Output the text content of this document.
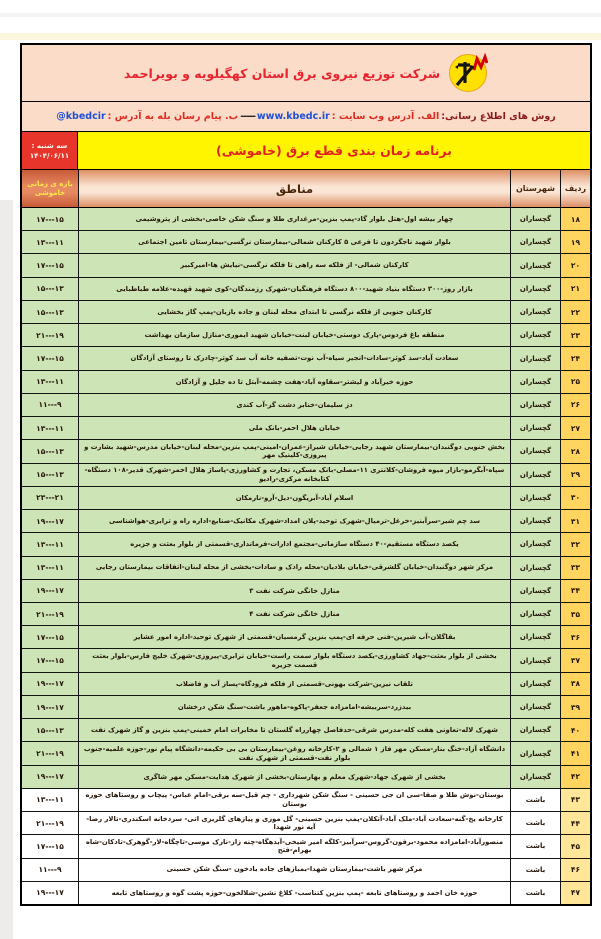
شرکت توزیع نیروی برق استان کهگیلویه و بویراحمد
روش های اطلاع رسانی:
الف. آدرس وب سایت :
www.kbedc.ir
-----
ب. پیام رسان بله به آدرس :
@kbedcir
برنامه زمان بندی قطع برق (خاموشی)
سه شنبه :
۱۴۰۴/۰۶/۱۱
ردیف
شهرستان
مناطق
بازه ی زمانی
خاموشی
۱۸
گچساران
چهار بیشه اول-هتل بلوار گاد-پمپ بنزین-مرغداری طلا و سنگ شکن خاصی-بخشی از پتروشیمی
۱۵---۱۷
۱۹
گچساران
بلوار شهید ناجگردون تا فرعی ۵ کارکنان شمالی-بیمارستان نرگسی-بیمارستان تامین اجتماعی
۱۱---۱۳
۲۰
گچساران
کارکنان شمالی- از فلکه سه راهی تا فلکه نرگسی-نیایش ها-امیرکبیر
۱۵---۱۷
۲۱
گچساران
بازار روز-۳۰۰ دستگاه بنیاد شهید-۸۰۰ دستگاه فرهنگیان-شهرک رزمندگان-کوی شهید قهیده-علامه طباطبایی
۱۳---۱۵
۲۲
گچساران
کارکنان جنوبی از فلکه نرگسی تا ابتدای محله لبنان و جاده بازبان-پمپ گاز بخشایی
۱۳---۱۵
۲۳
گچساران
منطقه باغ فردوس-پارک دوستی-خیابان لبنت-خیابان شهید ایموری-منازل سازمان بهداشت
۱۹---۲۱
۲۴
گچساران
سعادت آباد-سد کوثر-سادات-انجیر سیاه-آب نوت-تصفیه خانه آب سد کوثر-چادرک تا روستای آزادگان
۱۵---۱۷
۲۵
گچساران
حوزه خیرآباد و لیشتر-سقاوه آباد-هفت چشمه-آبتل تا ده جلیل و آزادگان
۱۱---۱۳
۲۶
گچساران
دز سلیمان-خنابر دشت گز-آب کندی
۹---۱۱
۲۷
گچساران
خیابان هلال احمر-بانک ملی
۱۱---۱۳
۲۸
گچساران
بخش جنوبی دوگنبدان-بیمارستان شهید رجایی-خیابان شیراز-عمران-امینی-پمپ بنزین-محله لبنان-خیابان مدرس-شهید بشارت و پیروزی-کلینیک مهر
۱۳---۱۵
۲۹
گچساران
سپاه-آبگرمو-بازار میوه فروشان-کلانتری ۱۱-مصلی-بانک مسکن، تجارت و کشاورزی-پاساژ هلال احمر-شهرک قدیر-۱۰۸ دستگاه-کتابخانه مرکزی-رادیو
۱۳---۱۵
۳۰
گچساران
اسلام آباد-آبریگون-دیل-آرو-نارمکان
۲۱---۲۳
۳۱
گچساران
سد چم شیر-سرآبنیز-خرغل-ترمیال-شهرک توحید-پلان امداد-شهرک مکانیک-صنایع-اداره راه و ترابری-هواشناسی
۱۷---۱۹
۳۲
گچساران
یکصد دستگاه مستقیم-۴۰ دستگاه سازمانی-مجتمع ادارات-فرمانداری-قسمتی از بلوار بعثت و جزیره
۱۱---۱۳
۳۳
گچساران
مرکز شهر دوگنبدان-خیابان گلشرقی-خیابان بلادیان-محله رادک و سادات-بخشی از محله لبنان-اتفاقات بیمارستان رجایی
۱۱---۱۳
۳۴
گچساران
منازل خانگی شرکت نفت ۳
۱۷---۱۹
۳۵
گچساران
منازل خانگی شرکت نفت ۴
۱۹---۲۱
۳۶
گچساران
بقاگلان-آب شیرین-فنی حرفه ای-پمپ بنزین گرمسیان-قسمتی از شهرک توحید-اداره امور عشایر
۱۵---۱۷
۳۷
گچساران
بخشی از بلوار بعثت-جهاد کشاورزی-یکصد دستگاه بلوار سمت راست-خیابان ترابری-پیروزی-شهرک خلیج فارس-بلوار بعثت قسمت جزیره
۱۵---۱۷
۳۸
گچساران
تلقاب نیرین-شرکت بهونی-قسمتی از فلکه فرودگاه-پساز آب و فاضلاب
۱۷---۱۹
۳۹
گچساران
بیدزرد-سربیشه-امامزاده جعفر-پاکوه-ماهور باشت-سنگ شکن درخشان
۱۷---۱۹
۴۰
گچساران
شهرک لاله-تعاونی هفت کله-مدرس شرقی-حدفاصل چهارراه گلستان تا مخابرات امام خمینی-پمپ بنزین و گاز شهرک نفت
۱۳---۱۵
۴۱
گچساران
دانشگاه آزاد-خنگ بنار-مسکن مهر فاز ۱ شمالی و ۲-کارخانه روغن-بیمارستان بی بی حکیمه-دانشگاه پیام نور-حوزه علمیه-جنوب بلوار نفت-قسمتی از شهرک نفت
۱۹---۲۱
۴۲
گچساران
بخشی از شهرک جهاد-شهرک معلم و بهارستان-بخشی از شهرک هدایت-مسکن مهر شاگری
۱۷---۱۹
۴۳
باشت
بوستان-نوش طلا و صفا-سی ان جی حسینی - سنگ شکن شهرداری - چم قبل-سه برقی-امام عباس- پیچاب و روستاهای حوزه بوستان
۱۱---۱۳
۴۴
باشت
کارخانه یخ-گنه-سعادت آباد-ملک آباد-آتکلان-پمپ بنزین حسینی- گل موزی و پیازهای گلریزی اتی- سردخانه اسکندری-تالار رضا-آیه نور شهدا
۱۹---۲۱
۴۵
باشت
منصورآباد-امامزاده محمود-برفون-گروس-سرآبیز-کلگه امیر شیخی-آبدهگاه-چنه زار-نارک موسی-تاچگاه-لار-گوهرک-تادکان-شاه بهرام-فتح
۱۵---۱۷
۴۶
باشت
مرکز شهر باشت-بیمارستان شهدا-بمبازهای جاده بادخون -سنگ شکن حسینی
۹---۱۱
۴۷
باشت
حوزه خان احمد و روستاهای تابعه -پمپ بنزین کتناسب- کلاغ نشین-شلالخون-حوزه پشت گوه و روستاهای تابعه
۱۷---۱۹
